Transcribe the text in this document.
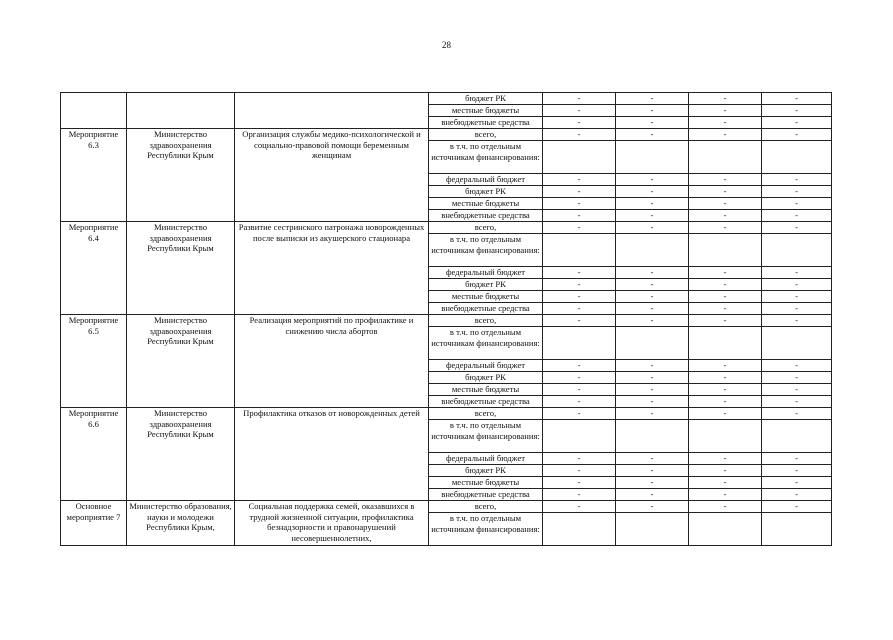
28
			бюджет РК	-	-	-	-
			местные бюджеты	-	-	-	-
			внебюджетные средства	-	-	-	-
Мероприятие 6.3	Министерство здравоохранения Республики Крым	Организация службы медико-психологической и социально-правовой помощи беременным женщинам	всего,	-	-	-	-
			в т.ч. по отдельным источникам финансирования:				
			федеральный бюджет	-	-	-	-
			бюджет РК	-	-	-	-
			местные бюджеты	-	-	-	-
			внебюджетные средства	-	-	-	-
Мероприятие 6.4	Министерство здравоохранения Республики Крым	Развитие сестринского патронажа новорожденных после выписки из акушерского стационара	всего,	-	-	-	-
			в т.ч. по отдельным источникам финансирования:				
			федеральный бюджет	-	-	-	-
			бюджет РК	-	-	-	-
			местные бюджеты	-	-	-	-
			внебюджетные средства	-	-	-	-
Мероприятие 6.5	Министерство здравоохранения Республики Крым	Реализация мероприятий по профилактике и снижению числа абортов	всего,	-	-	-	-
			в т.ч. по отдельным источникам финансирования:				
			федеральный бюджет	-	-	-	-
			бюджет РК	-	-	-	-
			местные бюджеты	-	-	-	-
			внебюджетные средства	-	-	-	-
Мероприятие 6.6	Министерство здравоохранения Республики Крым	Профилактика отказов от новорожденных детей	всего,	-	-	-	-
			в т.ч. по отдельным источникам финансирования:				
			федеральный бюджет	-	-	-	-
			бюджет РК	-	-	-	-
			местные бюджеты	-	-	-	-
			внебюджетные средства	-	-	-	-
Основное мероприятие 7	Министерство образования, науки и молодежи Республики Крым,	Социальная поддержка семей, оказавшихся в трудной жизненной ситуации, профилактика безнадзорности и правонарушений несовершеннолетних,	всего,	-	-	-	-
			в т.ч. по отдельным источникам финансирования:				
